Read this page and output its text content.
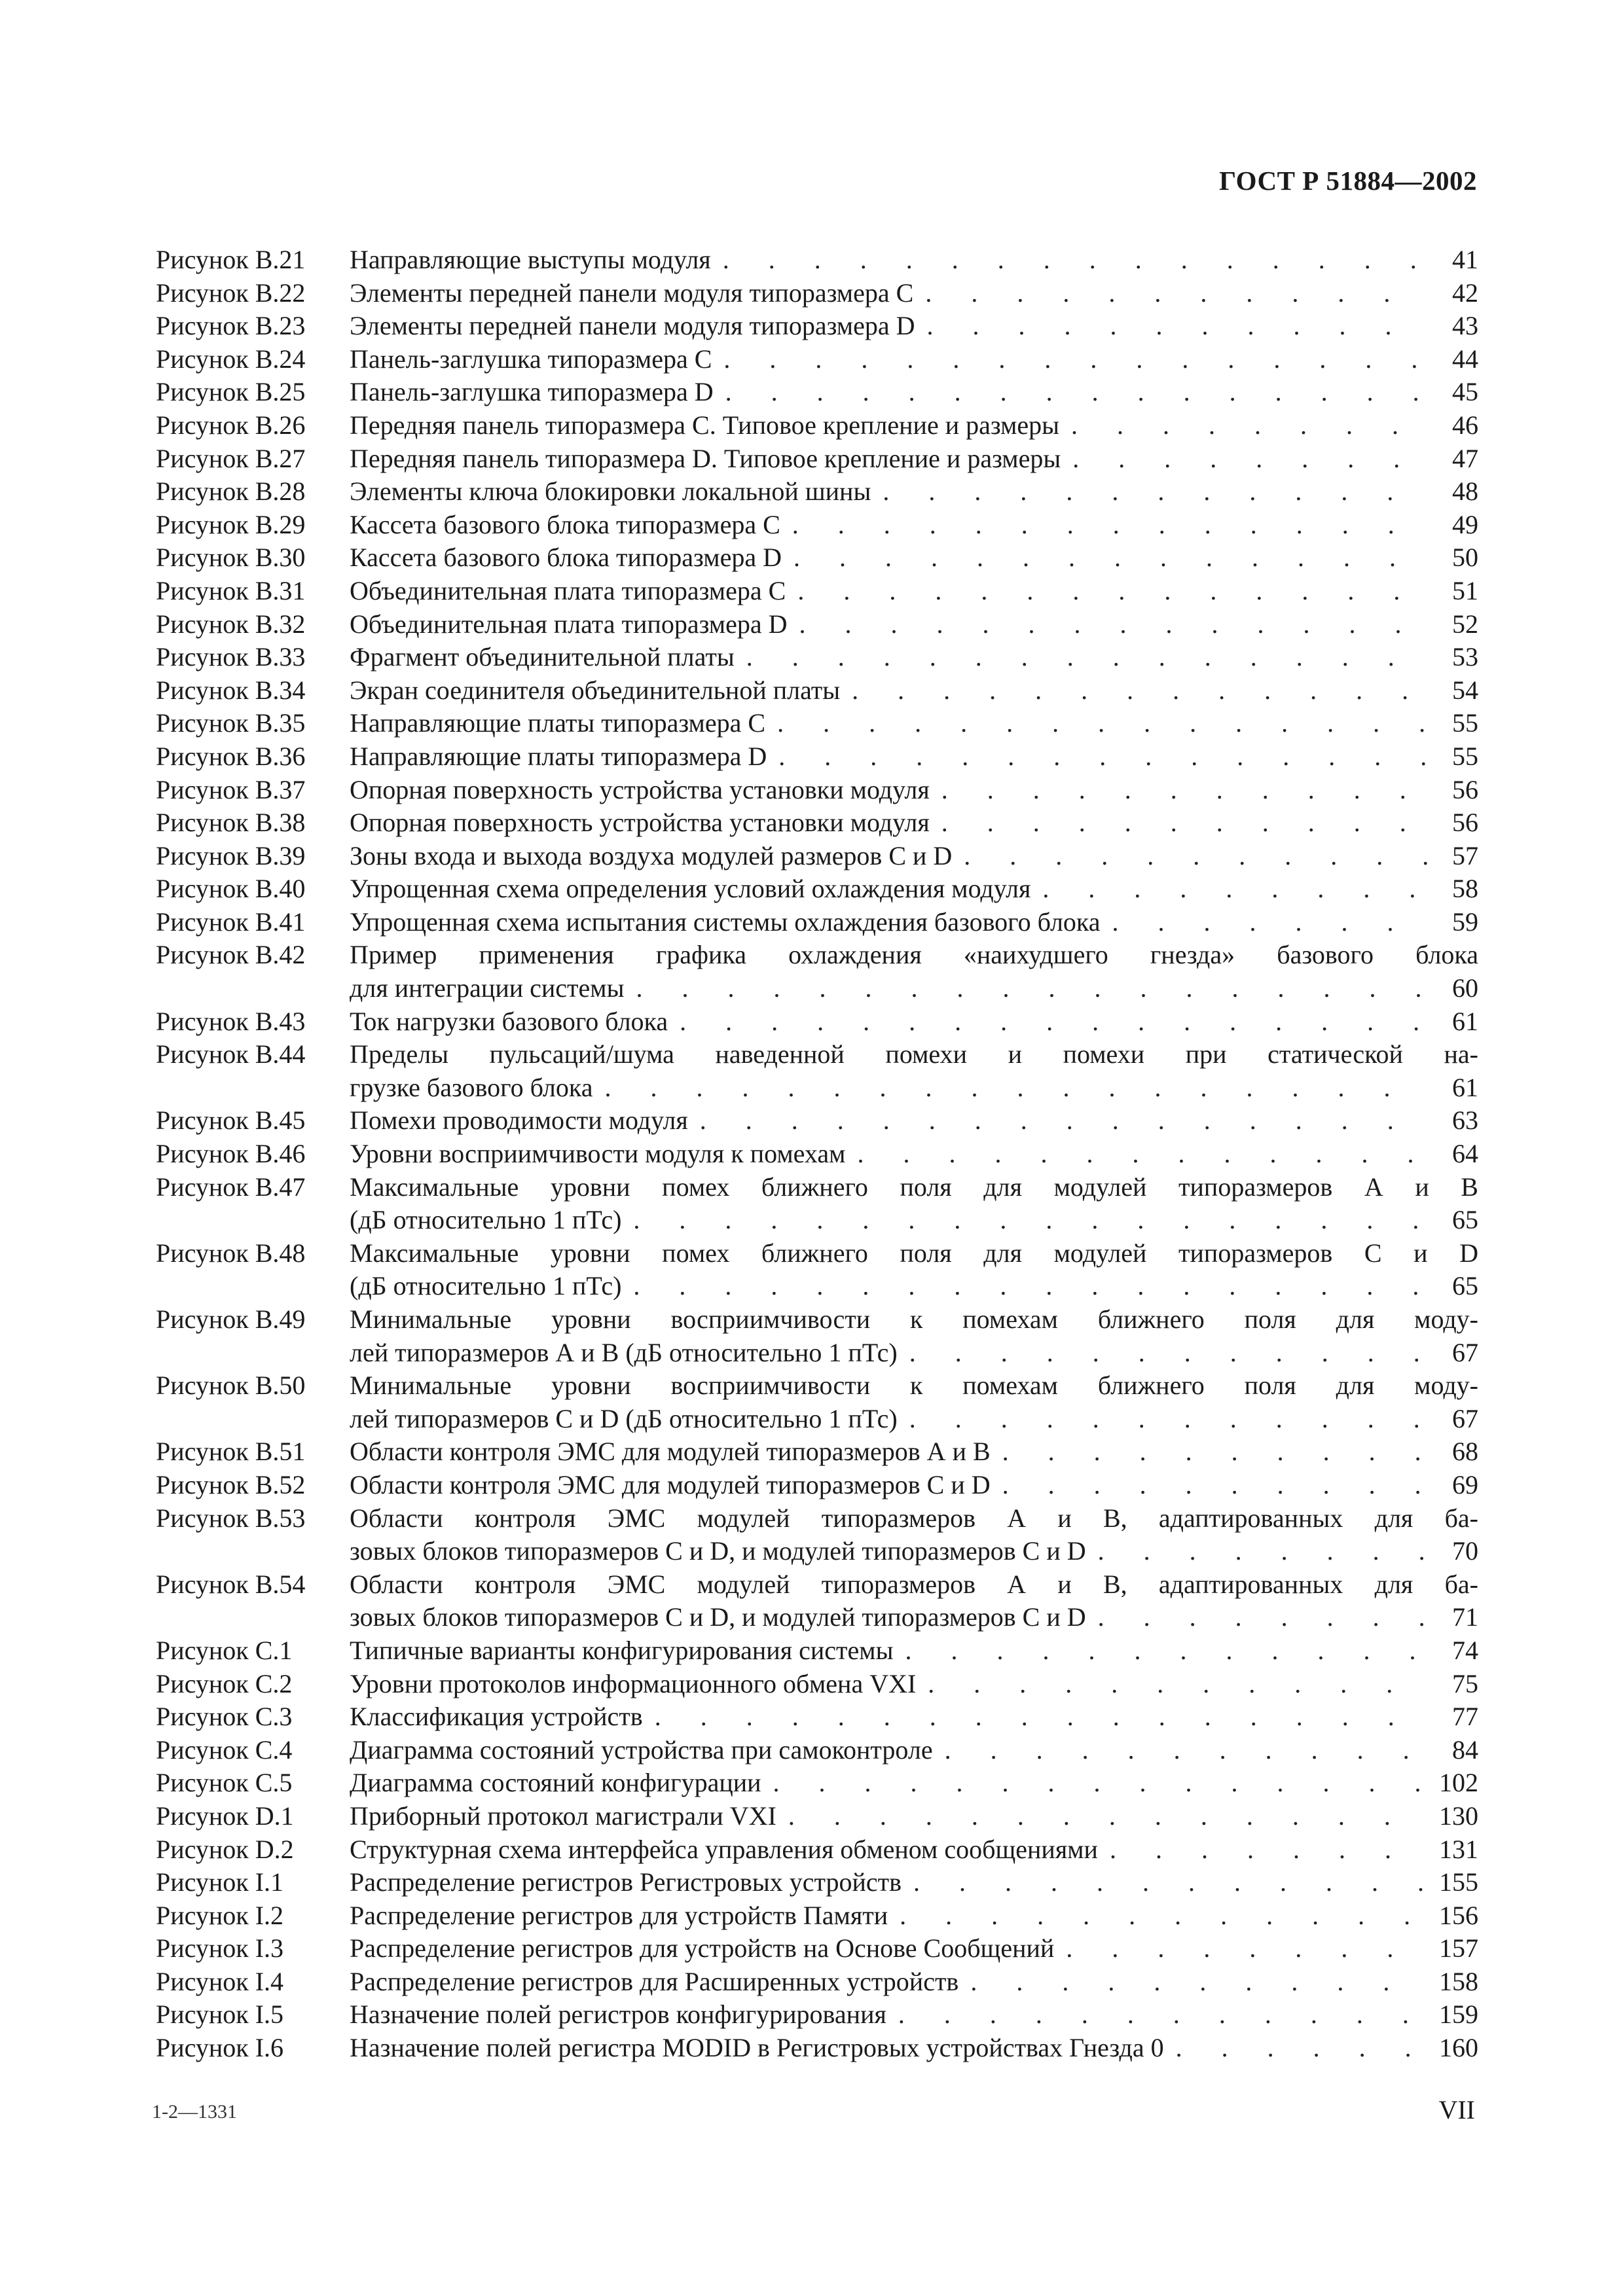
ГОСТ Р 51884—2002
Рисунок В.21	Направляющие выступы модуля . . .	41
Рисунок В.22	Элементы передней панели модуля типоразмера С . . .	42
Рисунок В.23	Элементы передней панели модуля типоразмера D . . .	43
Рисунок В.24	Панель-заглушка типоразмера С . . .	44
Рисунок В.25	Панель-заглушка типоразмера D . . .	45
Рисунок В.26	Передняя панель типоразмера С. Типовое крепление и размеры . . .	46
Рисунок В.27	Передняя панель типоразмера D. Типовое крепление и размеры . . .	47
Рисунок В.28	Элементы ключа блокировки локальной шины . . .	48
Рисунок В.29	Кассета базового блока типоразмера С . . .	49
Рисунок В.30	Кассета базового блока типоразмера D . . .	50
Рисунок В.31	Объединительная плата типоразмера С . . .	51
Рисунок В.32	Объединительная плата типоразмера D . . .	52
Рисунок В.33	Фрагмент объединительной платы . . .	53
Рисунок В.34	Экран соединителя объединительной платы . . .	54
Рисунок В.35	Направляющие платы типоразмера С . . .	55
Рисунок В.36	Направляющие платы типоразмера D . . .	55
Рисунок В.37	Опорная поверхность устройства установки модуля . . .	56
Рисунок В.38	Опорная поверхность устройства установки модуля . . .	56
Рисунок В.39	Зоны входа и выхода воздуха модулей размеров С и D . . .	57
Рисунок В.40	Упрощенная схема определения условий охлаждения модуля . . .	58
Рисунок В.41	Упрощенная схема испытания системы охлаждения базового блока . . .	59
Рисунок В.42	Пример применения графика охлаждения «наихудшего гнезда» базового блока
для интеграции системы . . .	60
Рисунок В.43	Ток нагрузки базового блока . . .	61
Рисунок В.44	Пределы пульсаций/шума наведенной помехи и помехи при статической на-
грузке базового блока . . .	61
Рисунок В.45	Помехи проводимости модуля . . .	63
Рисунок В.46	Уровни восприимчивости модуля к помехам . . .	64
Рисунок В.47	Максимальные уровни помех ближнего поля для модулей типоразмеров А и В
(дБ относительно 1 пТс) . . .	65
Рисунок В.48	Максимальные уровни помех ближнего поля для модулей типоразмеров С и D
(дБ относительно 1 пТс) . . .	65
Рисунок В.49	Минимальные уровни восприимчивости к помехам ближнего поля для моду-
лей типоразмеров А и В (дБ относительно 1 пТс) . . .	67
Рисунок В.50	Минимальные уровни восприимчивости к помехам ближнего поля для моду-
лей типоразмеров С и D (дБ относительно 1 пТс) . . .	67
Рисунок В.51	Области контроля ЭМС для модулей типоразмеров А и В . . .	68
Рисунок В.52	Области контроля ЭМС для модулей типоразмеров С и D . . .	69
Рисунок В.53	Области контроля ЭМС модулей типоразмеров А и В, адаптированных для ба-
зовых блоков типоразмеров С и D, и модулей типоразмеров С и D . . .	70
Рисунок В.54	Области контроля ЭМС модулей типоразмеров А и В, адаптированных для ба-
зовых блоков типоразмеров С и D, и модулей типоразмеров С и D . . .	71
Рисунок С.1	Типичные варианты конфигурирования системы . . .	74
Рисунок С.2	Уровни протоколов информационного обмена VXI . . .	75
Рисунок С.3	Классификация устройств . . .	77
Рисунок С.4	Диаграмма состояний устройства при самоконтроле . . .	84
Рисунок С.5	Диаграмма состояний конфигурации . . .	102
Рисунок D.1	Приборный протокол магистрали VXI . . .	130
Рисунок D.2	Структурная схема интерфейса управления обменом сообщениями . . .	131
Рисунок I.1	Распределение регистров Регистровых устройств . . .	155
Рисунок I.2	Распределение регистров для устройств Памяти . . .	156
Рисунок I.3	Распределение регистров для устройств на Основе Сообщений . . .	157
Рисунок I.4	Распределение регистров для Расширенных устройств . . .	158
Рисунок I.5	Назначение полей регистров конфигурирования . . .	159
Рисунок I.6	Назначение полей регистра MODID в Регистровых устройствах Гнезда 0 . . .	160
1-2—1331	VII
